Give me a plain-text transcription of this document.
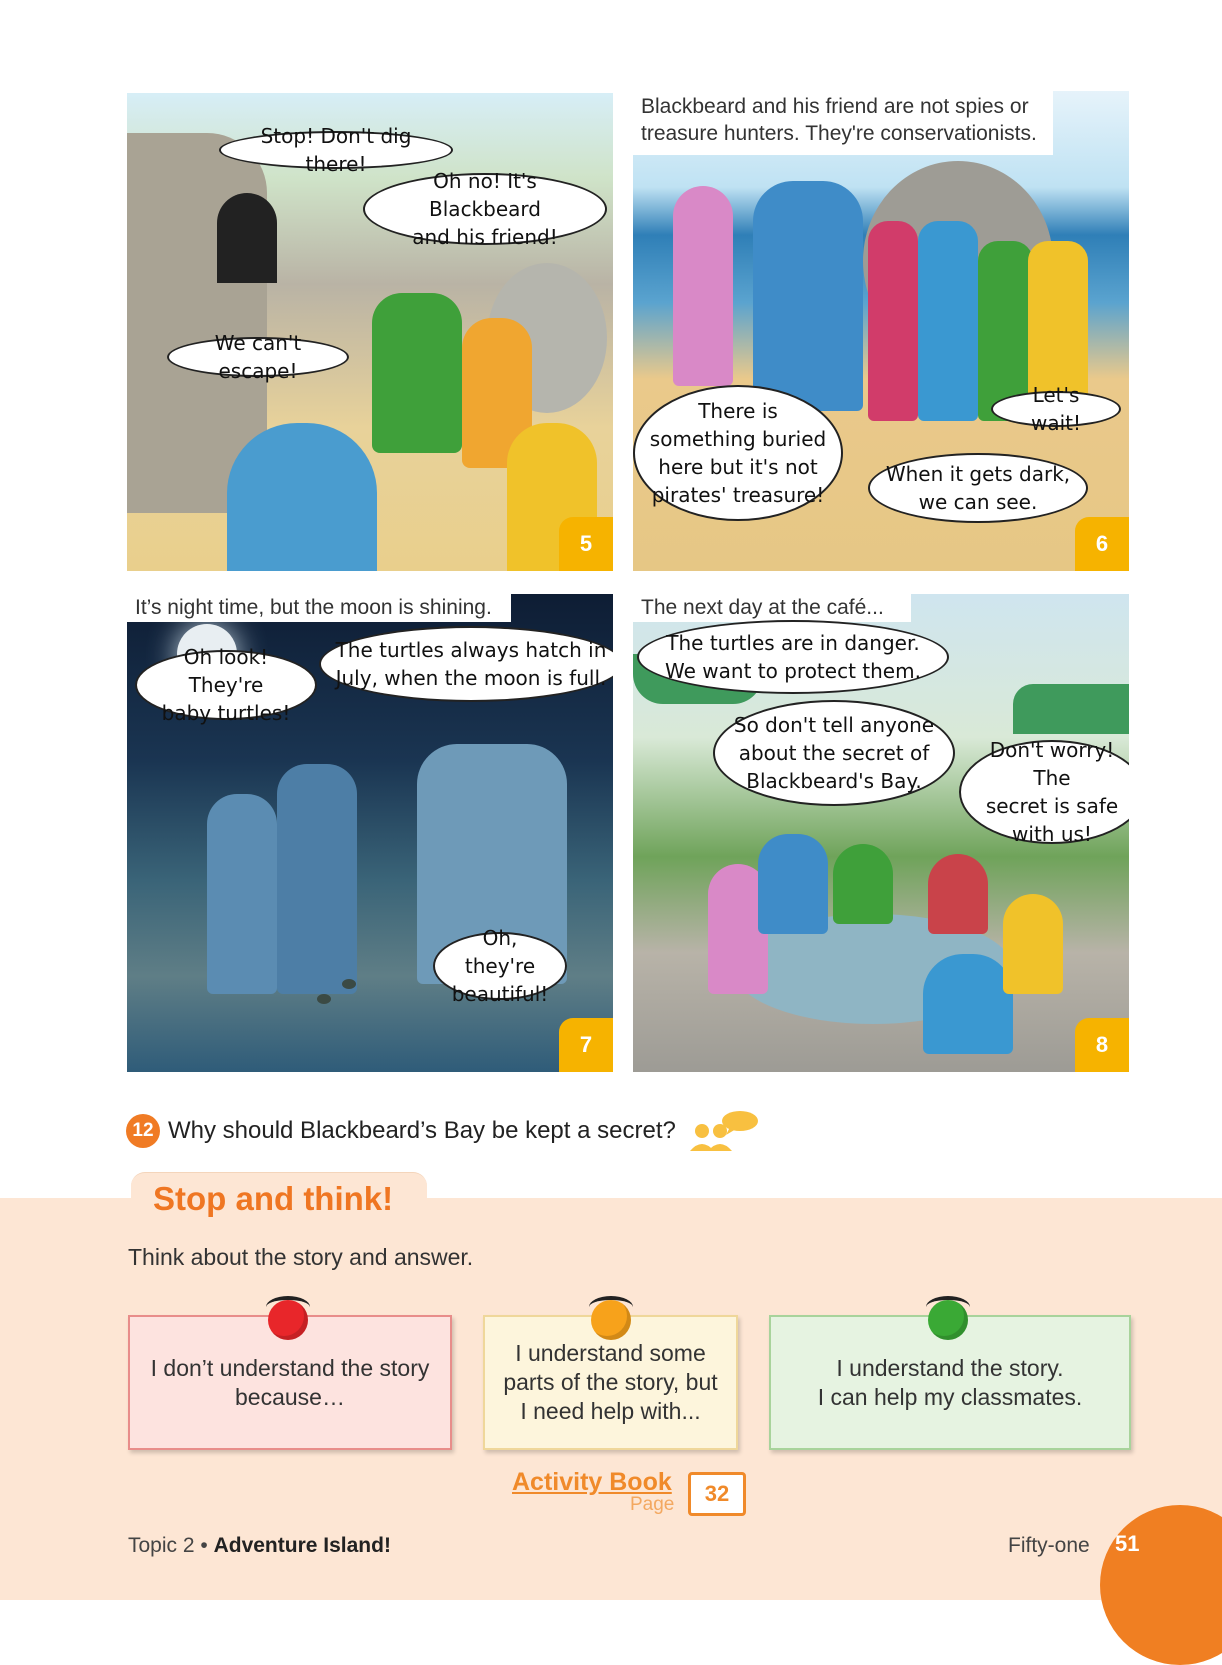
Stop! Don't dig there!
Oh no! It's Blackbeard
and his friend!
We can't escape!
5
Blackbeard and his friend are not spies or treasure hunters. They're conservationists.
There is
something buried
here but it's not
pirates' treasure!
Let's wait!
When it gets dark,
we can see.
6
It’s night time, but the moon is shining.
Oh look! They're
baby turtles!
The turtles always hatch in
July, when the moon is full.
Oh, they're
beautiful!
7
The next day at the café...
The turtles are in danger.
We want to protect them.
So don't tell anyone
about the secret of
Blackbeard's Bay.
Don't worry! The
secret is safe
with us!
8
12 Why should Blackbeard’s Bay be kept a secret?
Stop and think!
Think about the story and answer.
I don’t understand the story
because…
I understand some
parts of the story, but
I need help with...
I understand the story.
I can help my classmates.
Activity Book
Page 32
Topic 2 • Adventure Island!	Fifty-one 51
